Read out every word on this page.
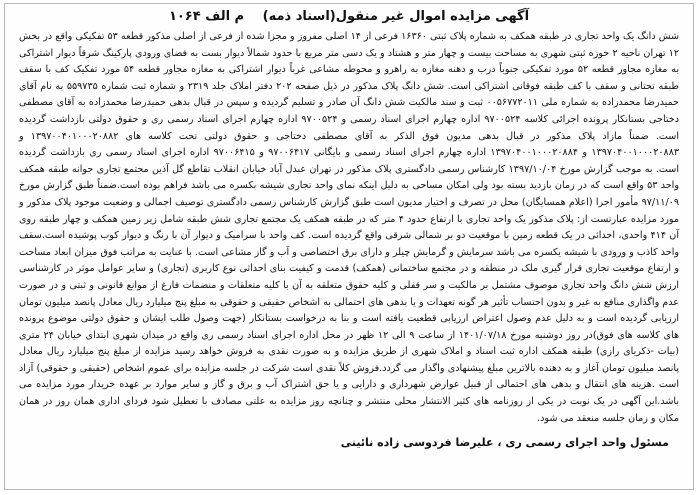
آگهی مزایده اموال غیر منقول(اسناد ذمه) م الف ۱۰۶۴

شش دانگ یک واحد تجاری در طبقه همکف به شماره پلاک ثبتی ۱۶۳۶۰ فرعی از ۱۴ اصلی مفروز و مجزا شده از فرعی از اصلی مذکور قطعه ۵۳ تفکیکی واقع در بخش ۱۲ تهران ناحیه ۲ حوزه ثبتی شهری به مساحت بیست و چهار متر و هشتاد و یک دسی متر مربع با حدود شمالاً دیوار بست به فضای ورودی پارکینگ شرقاً دیوار اشتراکی به مغازه مجاور قطعه ۵۲ مورد تفکیکی جنوباً درب و دهنه مغازه به راهرو و محوطه مشاعی غرباً دیوار اشتراکی به مغازه مجاور قطعه ۵۴ مورد تفکیک کف با سقف طبقه تحتانی و سقف با کف طبقه فوقانی اشتراکی است. شش دانگ پلاک مذکور در ذیل صفحه ۲۰۲ دفتر املاک جلد ۲۳۱۹ و شماره ثبت شماره ۵۵۹۷۳۵ به نام آقای حمیدرضا محمدزاده به شماره ملی ۰۰۵۶۷۷۲۰۱۱ ثبت و سند مالکیت شش دانگ آن صادر و تسلیم گردیده و سپس در قبال بدهی حمیدرضا محمدزاده به آقای مصطفی دختاجی بستانکار پرونده اجرائی کلاسه ۹۷۰۰۵۲۴ اداره چهارم اجرای اسناد رسمی و ۹۷۰۰۵۲۴ اداره چهارم اجرای اسناد رسمی ری و حقوق دولتی بازداشت گردیده است. ضمناً مازاد پلاک مذکور در قبال بدهی مدیون فوق الذکر به آقای مصطفی دختاجی و حقوق دولتی تحت کلاسه های ۱۳۹۷۰۰۴۰۱۰۰۰۲۰۸۸۲ و ۱۳۹۷۰۴۰۰۱۰۰۰۲۰۸۸۳ و ۱۳۹۷۰۴۰۰۱۰۰۰۲۰۸۸۴ اداره چهارم اجرای اسناد رسمی و بایگانی ۹۷۰۰۶۴۱۷ و ۹۷۰۰۶۴۱۵ اداره اجرای اسناد رسمی ری بازداشت گردیده است. به موجب گزارش مورخ ۱۳۹۷/۱۰/۰۴ کارشناس رسمی دادگستری پلاک مذکور در تهران عبدل آباد خیابان انقلاب تقاطع گل آذین مجتمع تجاری جوانه طبقه همکف واحد ۵۳ واقع است که در زمان بازدید بسته بود ولی امکان مساحی به دلیل اینکه نمای واحد تجاری شیشه بکسره می باشد فراهم بوده است.ضمناً طبق گزارش مورخ ۹۷/۱۱/۰۹ مأمور اجرا (اعلام همسایگان) محل در تصرف و اختیار مدیون است طبق گزارش کارشناس رسمی دادگستری توصیف اجمالی و وضعیت موجود پلاک مذکور و مورد مزایده عبارتست از: پلاک مذکور یک واحد تجاری با ارتفاع حدود ۴ متر که در طبقه همکف یک مجتمع تجاری شش طبقه شامل زیر زمین همکف و چهار طبقه روی آن ۴۱۴ واحدی، احداثی در یک قطعه زمین با موقعیت دو بر شمالی شرقی واقع گردیده است. کف واحد با سرامیک و دیوار آن با رنگ و دیوار کوب پوشیده است.سقف واحد کاذب و ورودی با شیشه یکسره می باشد سرمایش و گرمایش چیلر و دارای برق اختصاصی و آب و گاز مشاعی است. با عنایت به مراتب فوق میزان ابعاد مساحت و ارتفاع موقعیت تجاری قرار گیری ملک در منطقه و در مجتمع ساختمانی (همکف) قدمت و کیفیت بنای احداثی نوع کاربری (تجاری) و سایر عوامل موثر در کارشناسی ارزش شش دانگ واحد تجاری موصوف مشتمل بر مالکیت و سر قفلی و کلیه حقوق متعلقه به آن با کلیه متعلقات و منضمات فارغ از موانع قانونی و ثبتی و در صورت عدم واگذاری منافع به غیر و بدون احتساب تأثیر هر گونه تعهدات و یا بدهی های احتمالی به اشخاص حقیقی و حقوقی به مبلغ پنج میلیارد ریال معادل پانصد میلیون تومان ارزیابی گردیده است و به دلیل عدم وصول اعتراض ارزیابی قطعیت یافته است و بنا به درخواست بستانکار (جهت وصول طلب ایشان و حقوق دولتی موضوع پرونده های کلاسه های فوق)در روز دوشنبه مورخ ۱۴۰۱/۰۷/۱۸ از ساعت ۹ الی ۱۲ ظهر در محل اداره اجرای اسناد رسمی ری واقع در میدان شهری ابتدای خیابان ۲۴ متری (بیات -ذکریای رازی) طبقه همکف اداره ثبت اسناد و املاک شهری از طریق مزایده و به صورت نقدی به فروش خواهد رسید مزایده از مبلغ پنج میلیارد ریال معادل پانصد میلیون تومان آغاز و به دهنده بالاترین مبلغ پیشنهادی واگذار می گردد.فروش کلاً نقدی است شرکت در جلسه مزایده برای عموم اشخاص (حقیقی و حقوقی) آزاد است .هزینه های انتقال و بدهی های احتمالی از قبیل عوارض شهرداری و دارایی و یا حق اشتراک آب و برق و گاز و سایر موارد بر عهده خریدار مورد مزایده می باشد.این آگهی در یک نوبت در یکی از روزنامه های کثیر الانتشار محلی منتشر و چنانچه روز مزایده به علتی مصادف با تعطیل شود فردای اداری همان روز در همان مکان و زمان جلسه منعقد می شود.

مسئول واحد اجرای رسمی ری ، علیرضا فردوسی زاده نائینی
